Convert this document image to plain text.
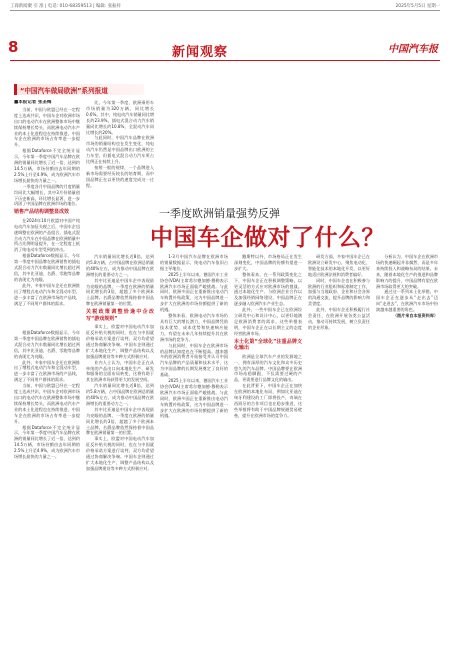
工商新闻聚 引 准 | 电话: 010-68359513 | 编辑: 张振祥	2025年5月5日 星期一
8	新闻观察	中国汽车报
“中国汽车做局欧洲”系列报道

■本报记者 张圣梅

当前，中国与欧盟已经在一定程度上达成共识，中国车企对欧洲市场出口的电动汽车在欧洲整体市场中继续保持增长势头，而欧洲电动汽车产业的本土化进程也在持续推进，中国车企在欧洲的市场占有率进一步提升。

根据Dataforce不完全统计显示，今年第一季度中国汽车品牌在欧洲的销量同比增长了近一倍，达到约14.5万辆，市场份额由去年同期的2.5%上升至4.9%，成为欧洲汽车市场增长最快的力量之一。

一季度各月中国品牌的月度销量均同比大幅增长，其中3月份销量创下历史新高，环比增长显著，进一步巩固了中国品牌在欧洲市场的地位。

销售产品结构调整显成效

在2024年10月欧盟对中国产纯电动汽车加征关税之后，中国车企迅速调整在欧洲的产品组合，插电式混合动力汽车在中国品牌在欧洲销量中所占比例明显提升，在一定程度上抵消了纯电动车型受到的冲击。

根据Dataforce数据显示，今年第一季度中国品牌在欧洲销售的插电式混合动力汽车数量同比增长超过两倍，其中比亚迪、名爵、零跑等品牌的表现尤为亮眼。

此外，多家中国车企还在欧洲推出了增程式电动汽车和全混动车型，进一步丰富了在欧洲市场的产品线，满足了不同用户群体的需求。

根据Dataforce数据显示，今年第一季度中国品牌在欧洲销售的插电式混合动力汽车数量同比增长超过两倍，其中比亚迪、名爵、零跑等品牌的表现尤为亮眼。

此外，多家中国车企还在欧洲推出了增程式电动汽车和全混动车型，进一步丰富了在欧洲市场的产品线，满足了不同用户群体的需求。

当前，中国与欧盟已经在一定程度上达成共识，中国车企对欧洲市场出口的电动汽车在欧洲整体市场中继续保持增长势头，而欧洲电动汽车产业的本土化进程也在持续推进，中国车企在欧洲的市场占有率进一步提升。

根据Dataforce不完全统计显示，今年第一季度中国汽车品牌在欧洲的销量同比增长了近一倍，达到约14.5万辆，市场份额由去年同期的2.5%上升至4.9%，成为欧洲汽车市场增长最快的力量之一。

比，今年第一季度，欧洲乘用车市场销量为320万辆，同比增长0.6%。其中，纯电动汽车销量同比增长约23.9%，插电式混合动力汽车销量同比增长约10.8%，全混动汽车同比增长约20%。

与此同时，中国汽车品牌在欧洲市场的销量结构也在发生变化，纯电动汽车仍然是中国品牌出口欧洲的主力车型，但插电式混合动力汽车所占比例正在持续上升。

按照一般的规律，一个品牌进入新市场需要经历较长的培育期，而中国品牌正在以更快的速度完成这一过程。

一季度欧洲销量强势反弹
中国车企做对了什么？

汽车销量同比增长近8倍，达到约5.8万辆，占中国品牌在欧洲总销量的40%左右，成为推动中国品牌在欧洲增长的重要动力之一。

其中比亚迪是中国车企中表现最为亮眼的品牌，一季度在欧洲的销量同比增长约3倍，超越了多个欧洲本土品牌。名爵品牌依然保持着中国品牌在欧洲销量第一的位置。

关税政策调整恰逢中企改写“游戏规则”

事实上，欧盟对中国电动汽车加征反补贴关税的同时，也在与中国就价格承诺方案进行谈判，双方均希望通过协商解决争端。中国车企则通过扩大本地化生产、调整产品结构以及加强品牌建设等多种方式积极应对。

业内人士认为，中国车企正在从单纯的产品出口向本地化生产、研发和服务的全面布局转变，这将有助于其在欧洲市场获得更大的发展空间。

汽车销量同比增长近8倍，达到约5.8万辆，占中国品牌在欧洲总销量的40%左右，成为推动中国品牌在欧洲增长的重要动力之一。

其中比亚迪是中国车企中表现最为亮眼的品牌，一季度在欧洲的销量同比增长约3倍，超越了多个欧洲本土品牌。名爵品牌依然保持着中国品牌在欧洲销量第一的位置。

事实上，欧盟对中国电动汽车加征反补贴关税的同时，也在与中国就价格承诺方案进行谈判，双方均希望通过协商解决争端。中国车企则通过扩大本地化生产、调整产品结构以及加强品牌建设等多种方式积极应对。

1-3月中国汽车品牌在欧洲市场的销量数据显示，纯电动汽车依旧占据主导地位。

2025上半年以来，德国汽车工业协会(VDA)主席希尔德加德·穆勒表示欧洲汽车市场正面临严峻挑战。与此同时，欧洲多国正在重新推出电动汽车购置补贴政策，这为中国品牌进一步扩大在欧洲的市场份额提供了新的机遇。

整体来看，欧洲电动汽车市场仍具有巨大的增长潜力，中国品牌凭借技术优势、成本优势和快速响应能力，有望在未来几年持续提升其在欧洲市场的竞争力。

与此同时，中国车企在欧洲市场的品牌认知度也在不断提高。越来越多的欧洲消费者开始接受并认可中国汽车品牌的产品质量和技术水平，这为中国品牌的长期发展奠定了良好的基础。

2025上半年以来，德国汽车工业协会(VDA)主席希尔德加德·穆勒表示欧洲汽车市场正面临严峻挑战。与此同时，欧洲多国正在重新推出电动汽车购置补贴政策，这为中国品牌进一步扩大在欧洲的市场份额提供了新的机遇。

鲍斯特以外，市场格局正在发生深刻变化，中国品牌的份额有望进一步扩大。

整体看来，在一系列政策变化之下，中国车企正在积极调整策略，以更灵活的方式应对欧洲市场的挑战。通过本地化生产、与欧洲企业合作以及加强经销网络建设，中国品牌正在逐步融入欧洲汽车产业生态。

此外，一些中国车企已在欧洲设立研发中心和设计中心，以更好地满足欧洲消费者的需求。这些举措表明，中国车企正在以长期主义的态度经营欧洲市场。

本土化第“全球化”注重品牌文化输出

欧洲是全球汽车产业的发源地之一，拥有深厚的汽车文化和众多历史悠久的汽车品牌。中国品牌要在欧洲市场站稳脚跟，不仅需要过硬的产品，更需要进行品牌文化的输出。

在此背景下，中国车企正在加快在欧洲的本地化布局，例如比亚迪在匈牙利建设的工厂即将投产，奇瑞在西班牙的合作项目也在稳步推进，这些举措将有助于中国品牌规避贸易壁垒，提升在欧洲市场的竞争力。

研发方面，多家中国车企已在欧洲设立研发中心，聚焦电动化、智能化技术的本地化开发，以更好地适应欧洲法规和消费者偏好。

同时，中国车企也在积极参与欧洲的行业组织和标准制定工作，加强与当地政府、企业和社会各界的沟通交流，提升品牌的影响力和美誉度。

此外，中国车企还积极履行社会责任，在欧洲开展各类公益活动，推动可持续发展，树立负责任的企业形象。

分析认为，中国车企在欧洲市场的快速崛起并非偶然，而是多年来持续投入和战略布局的结果。未来，随着本地化生产的推进和品牌影响力的提升，中国品牌有望在欧洲市场取得更大的突破。

通过这一系列本土化举措，中国车企正在逐步从“走出去”迈向“走进去”，在欧洲汽车市场中扮演越来越重要的角色。

（图片来自本报资料库）
